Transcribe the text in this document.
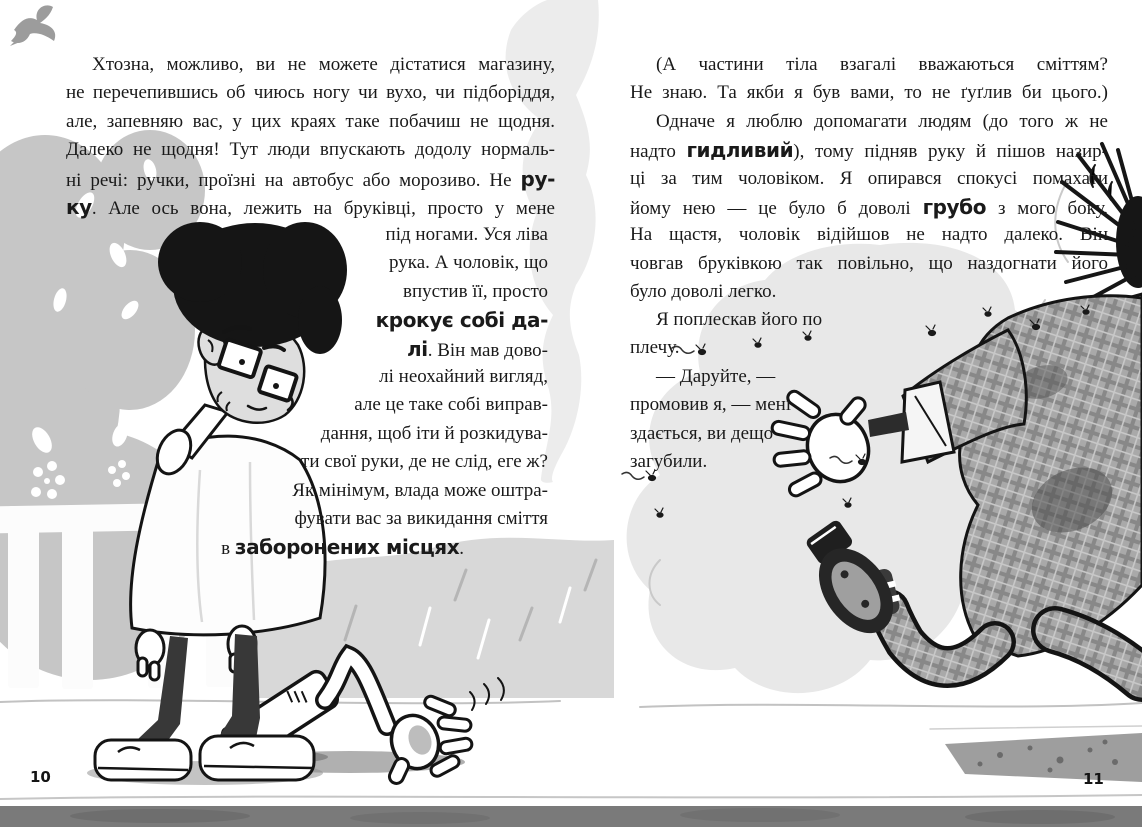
Хтозна, можливо, ви не можете дістатися магазину,
не перечепившись об чиюсь ногу чи вухо, чи підборіддя,
але, запевняю вас, у цих краях таке побачиш не щодня.
Далеко не щодня! Тут люди впускають додолу нормаль-
ні речі: ручки, проїзні на автобус або морозиво. Не ру-
ку. Але ось вона, лежить на бруківці, просто у мене
під ногами. Уся ліва
рука. А чоловік, що
впустив її, просто
крокує собі да-
лі. Він мав дово-
лі неохайний вигляд,
але це таке собі виправ-
дання, щоб іти й розкидува-
ти свої руки, де не слід, еге ж?
Як мінімум, влада може оштра-
фувати вас за викидання сміття
в заборонених місцях.
(А частини тіла взагалі вважаються сміттям?
Не знаю. Та якби я був вами, то не ґуґлив би цього.)
Одначе я люблю допомагати людям (до того ж не
надто гидливий), тому підняв руку й пішов назир-
ці за тим чоловіком. Я опирався спокусі помахати
йому нею — це було б доволі грубо з мого боку.
На щастя, чоловік відійшов не надто далеко. Він
човгав бруківкою так повільно, що наздогнати його
було доволі легко.
Я поплескав його по
плечу.
— Даруйте, —
промовив я, — мені
здається, ви дещо
загубили.
10	11
